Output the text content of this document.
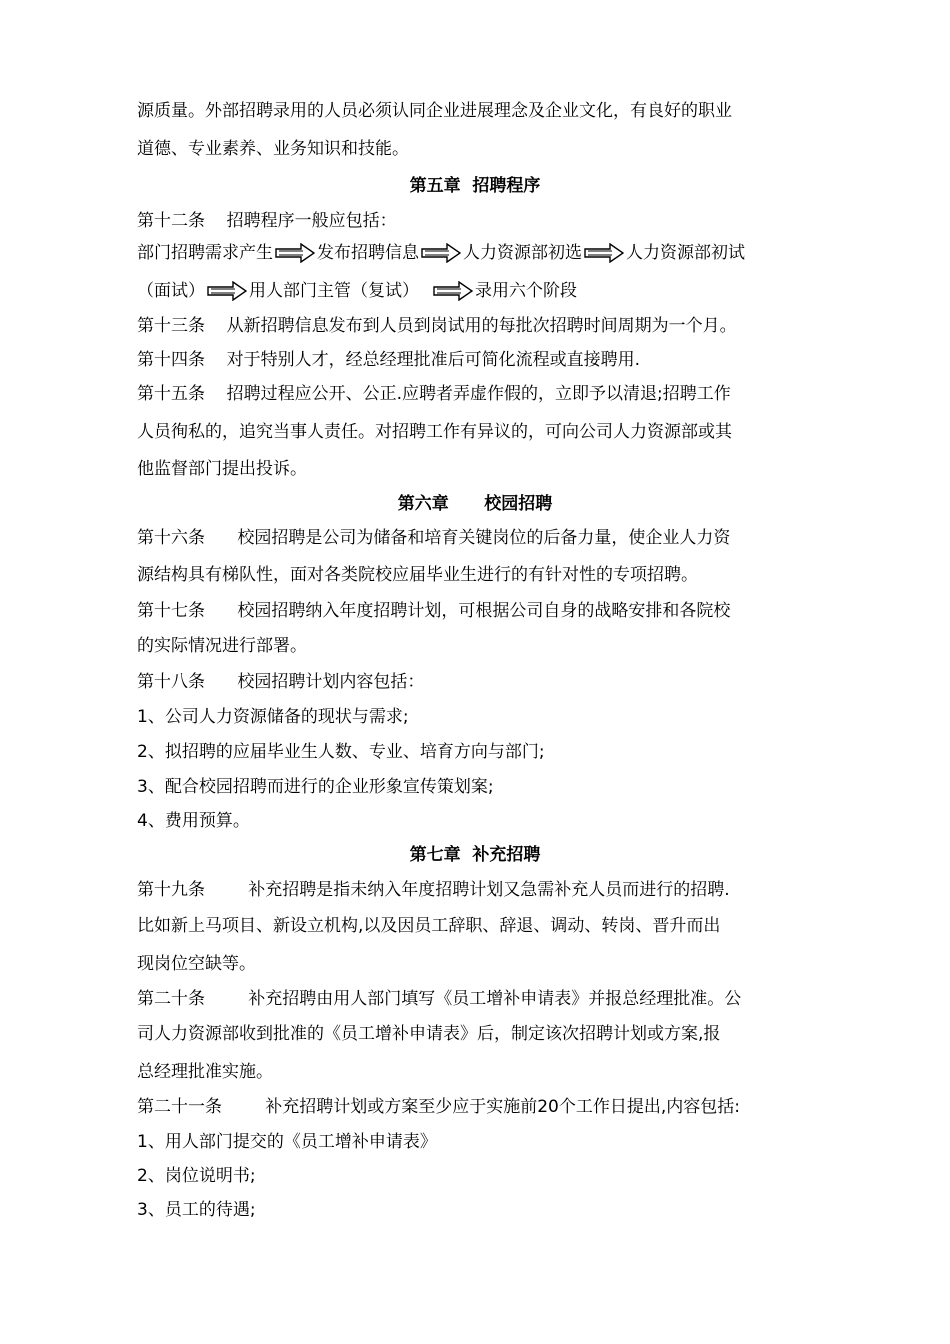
源质量。外部招聘录用的人员必须认同企业进展理念及企业文化，有良好的职业
道德、专业素养、业务知识和技能。
第五章  招聘程序
第十二条    招聘程序一般应包括：
部门招聘需求产生	发布招聘信息	人力资源部初选	人力资源部初试
（面试）	用人部门主管（复试）	录用六个阶段
第十三条    从新招聘信息发布到人员到岗试用的每批次招聘时间周期为一个月。
第十四条    对于特别人才，经总经理批准后可简化流程或直接聘用.
第十五条    招聘过程应公开、公正.应聘者弄虚作假的，立即予以清退;招聘工作
人员徇私的，追究当事人责任。对招聘工作有异议的，可向公司人力资源部或其
他监督部门提出投诉。
第六章      校园招聘
第十六条      校园招聘是公司为储备和培育关键岗位的后备力量，使企业人力资
源结构具有梯队性，面对各类院校应届毕业生进行的有针对性的专项招聘。
第十七条      校园招聘纳入年度招聘计划，可根据公司自身的战略安排和各院校
的实际情况进行部署。
第十八条      校园招聘计划内容包括：
1、公司人力资源储备的现状与需求;
2、拟招聘的应届毕业生人数、专业、培育方向与部门;
3、配合校园招聘而进行的企业形象宣传策划案;
4、费用预算。
第七章  补充招聘
第十九条        补充招聘是指未纳入年度招聘计划又急需补充人员而进行的招聘.
比如新上马项目、新设立机构,以及因员工辞职、辞退、调动、转岗、晋升而出
现岗位空缺等。
第二十条        补充招聘由用人部门填写《员工增补申请表》并报总经理批准。公
司人力资源部收到批准的《员工增补申请表》后，制定该次招聘计划或方案,报
总经理批准实施。
第二十一条        补充招聘计划或方案至少应于实施前20个工作日提出,内容包括:
1、用人部门提交的《员工增补申请表》
2、岗位说明书;
3、员工的待遇;
